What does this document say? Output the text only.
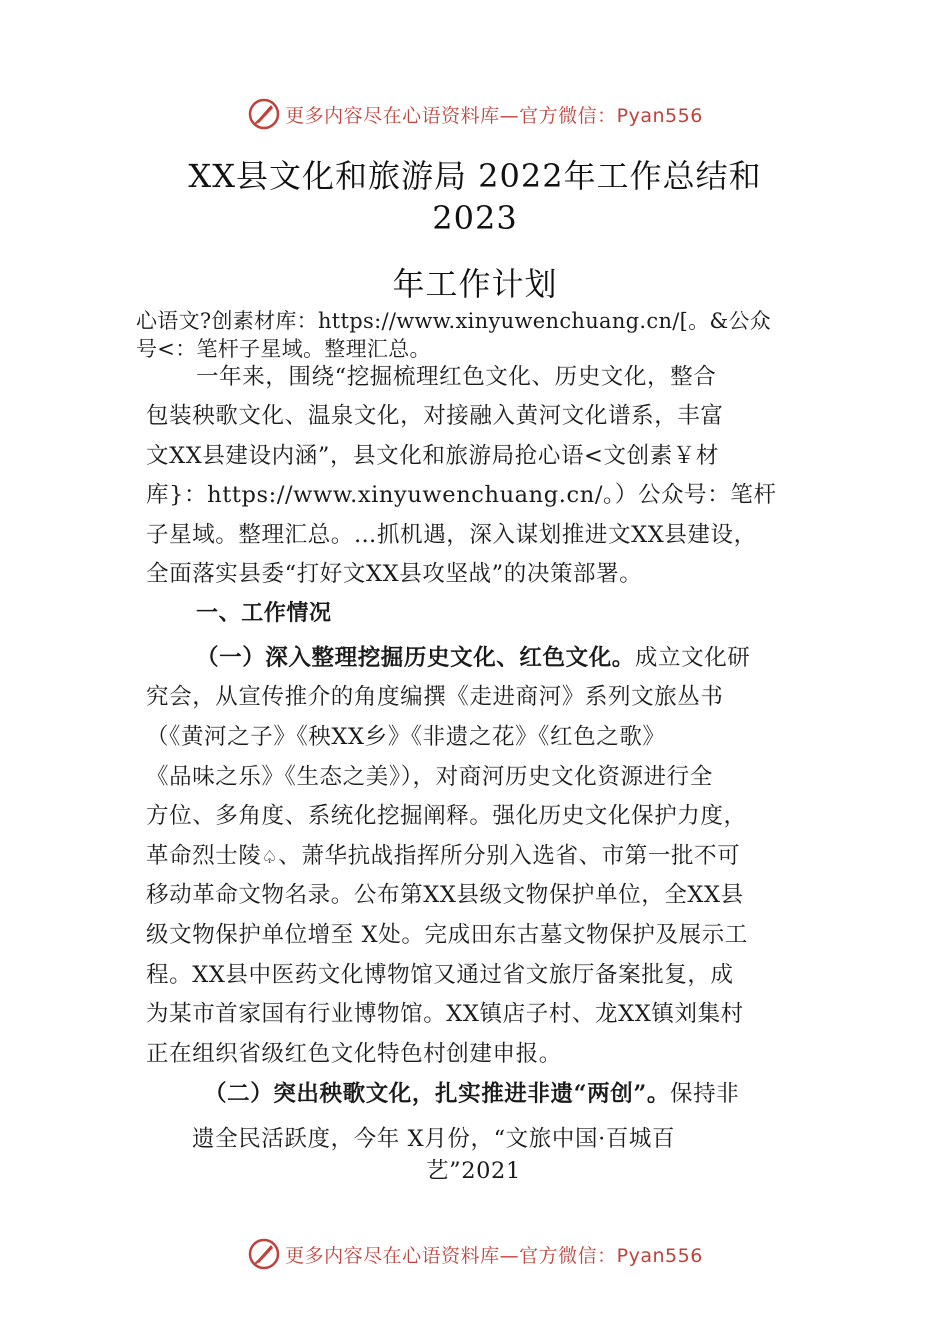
更多内容尽在心语资料库—官方微信：Pyan556
XX县文化和旅游局 2022年工作总结和
2023
年工作计划
心语文?创素材库：https://www.xinyuwenchuang.cn/[。&公众
号<：笔杆子星域。整理汇总。
一年来，围绕“挖掘梳理红色文化、历史文化，整合
包装秧歌文化、温泉文化，对接融入黄河文化谱系，丰富
文XX县建设内涵”，县文化和旅游局抢心语<文创素￥材
库}：https://www.xinyuwenchuang.cn/。）公众号：笔杆
子星域。整理汇总。…抓机遇，深入谋划推进文XX县建设，
全面落实县委“打好文XX县攻坚战”的决策部署。
一、工作情况
（一）深入整理挖掘历史文化、红色文化。成立文化研
究会，从宣传推介的角度编撰《走进商河》系列文旅丛书
（《黄河之子》《秧XX乡》《非遗之花》《红色之歌》
《品味之乐》《生态之美》），对商河历史文化资源进行全
方位、多角度、系统化挖掘阐释。强化历史文化保护力度，
革命烈士陵♤、萧华抗战指挥所分别入选省、市第一批不可
移动革命文物名录。公布第XX县级文物保护单位，全XX县
级文物保护单位增至 X处。完成田东古墓文物保护及展示工
程。XX县中医药文化博物馆又通过省文旅厅备案批复，成
为某市首家国有行业博物馆。XX镇店子村、龙XX镇刘集村
正在组织省级红色文化特色村创建申报。
（二）突出秧歌文化，扎实推进非遗“两创”。保持非
遗全民活跃度，今年 X月份，“文旅中国·百城百
艺”2021
更多内容尽在心语资料库—官方微信：Pyan556
